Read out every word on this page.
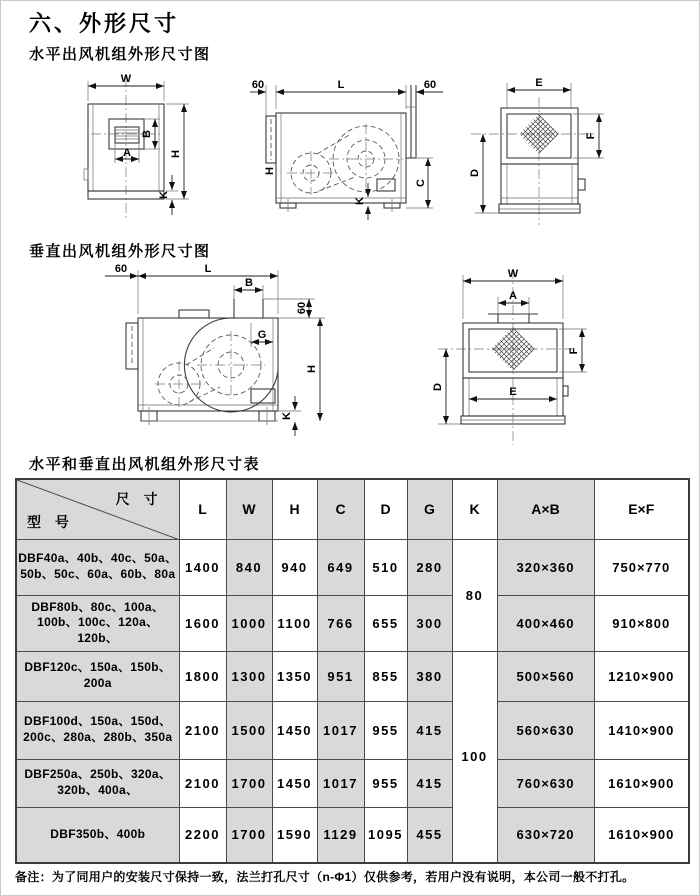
六、外形尺寸
水平出风机组外形尺寸图
垂直出风机组外形尺寸图
水平和垂直出风机组外形尺寸表
W
H
K
B
A
L
60	60
C
H
K
E
F
D
L
60
B
60
G
H
K
W
A
F
E
D
尺 寸
型 号	L	W	H	C	D	G	K	A×B	E×F
DBF40a、40b、40c、50a、50b、50c、60a、60b、80a	1400	840	940	649	510	280	80	320×360	750×770
DBF80b、80c、100a、100b、100c、120a、120b、	1600	1000	1100	766	655	300		400×460	910×800
DBF120c、150a、150b、200a	1800	1300	1350	951	855	380	100	500×560	1210×900
DBF100d、150a、150d、200c、280a、280b、350a	2100	1500	1450	1017	955	415		560×630	1410×900
DBF250a、250b、320a、320b、400a、	2100	1700	1450	1017	955	415		760×630	1610×900
DBF350b、400b	2200	1700	1590	1129	1095	455		630×720	1610×900
备注：为了同用户的安装尺寸保持一致，法兰打孔尺寸（n-Φ1）仅供参考，若用户没有说明，本公司一般不打孔。
